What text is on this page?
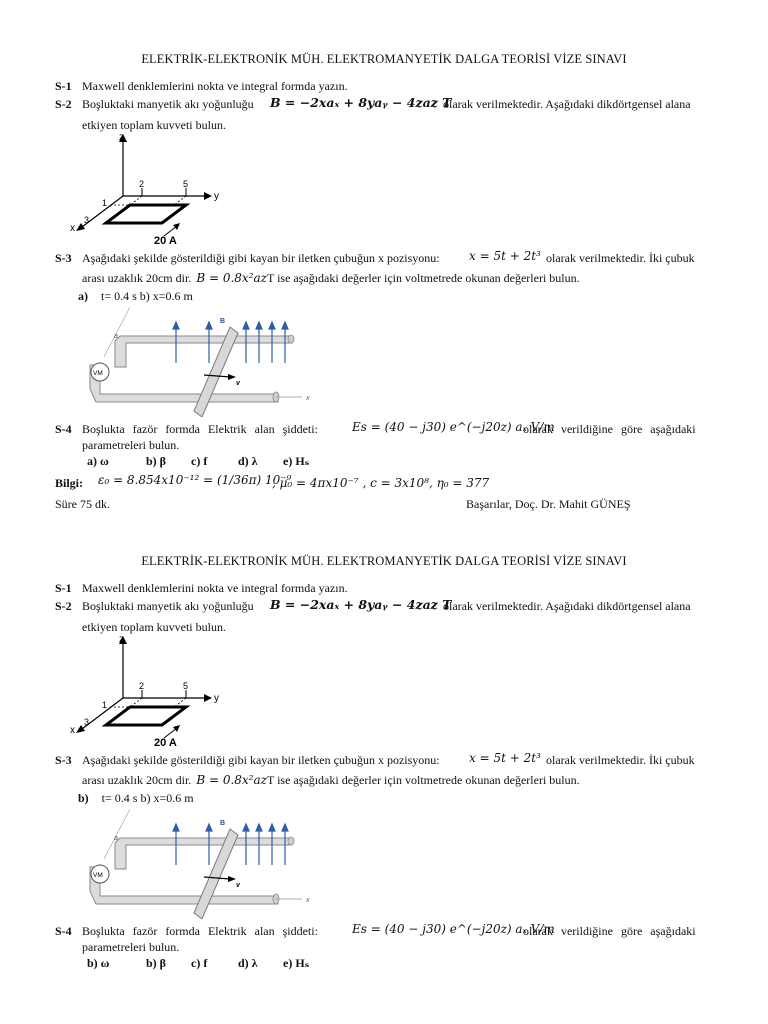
ELEKTRİK-ELEKTRONİK MÜH. ELEKTROMANYETİK DALGA TEORİSİ VİZE SINAVI
S-1 Maxwell denklemlerini nokta ve integral formda yazın.
S-2 Boşluktaki manyetik akı yoğunluğu B = −2xaₓ + 8yaᵧ − 4zaz T
olarak verilmektedir. Aşağıdaki dikdörtgensel alana
etkiyen toplam kuvveti bulun.
z
y
x
2	5
1
3
20 A
S-3 Aşağıdaki şekilde gösterildiği gibi kayan bir iletken çubuğun x pozisyonu: x = 5t + 2t³ olarak verilmektedir. İki çubuk
arası uzaklık 20cm dir. B = 0.8x²azT ise aşağıdaki değerler için voltmetrede okunan değerleri bulun.
a) t= 0.4 s b) x=0.6 m
x
a
VM
v
B
S-4 Boşlukta fazör formda Elektrik alan şiddeti:	Es = (40 − j30) e^(−j20z) aₓ V/m
olarak verildiğine göre aşağıdaki
parametreleri bulun.
a) ω	b) β c) f	d) λ e) Hₛ
Bilgi: ε₀ = 8.854x10⁻¹² = (1/36π) 10⁻⁹
, μ₀ = 4πx10⁻⁷ , c = 3x10⁸, η₀ = 377
Süre 75 dk.	Başarılar, Doç. Dr. Mahit GÜNEŞ
ELEKTRİK-ELEKTRONİK MÜH. ELEKTROMANYETİK DALGA TEORİSİ VİZE SINAVI
S-1 Maxwell denklemlerini nokta ve integral formda yazın.
S-2 Boşluktaki manyetik akı yoğunluğu B = −2xaₓ + 8yaᵧ − 4zaz T
olarak verilmektedir. Aşağıdaki dikdörtgensel alana
etkiyen toplam kuvveti bulun.
z
y
x
2	5
1
3
20 A
S-3 Aşağıdaki şekilde gösterildiği gibi kayan bir iletken çubuğun x pozisyonu: x = 5t + 2t³ olarak verilmektedir. İki çubuk
arası uzaklık 20cm dir. B = 0.8x²azT ise aşağıdaki değerler için voltmetrede okunan değerleri bulun.
b) t= 0.4 s b) x=0.6 m
x
a
VM
v
B
S-4 Boşlukta fazör formda Elektrik alan şiddeti:	Es = (40 − j30) e^(−j20z) aₓ V/m
olarak verildiğine göre aşağıdaki
parametreleri bulun.
b) ω	b) β c) f	d) λ e) Hₛ
